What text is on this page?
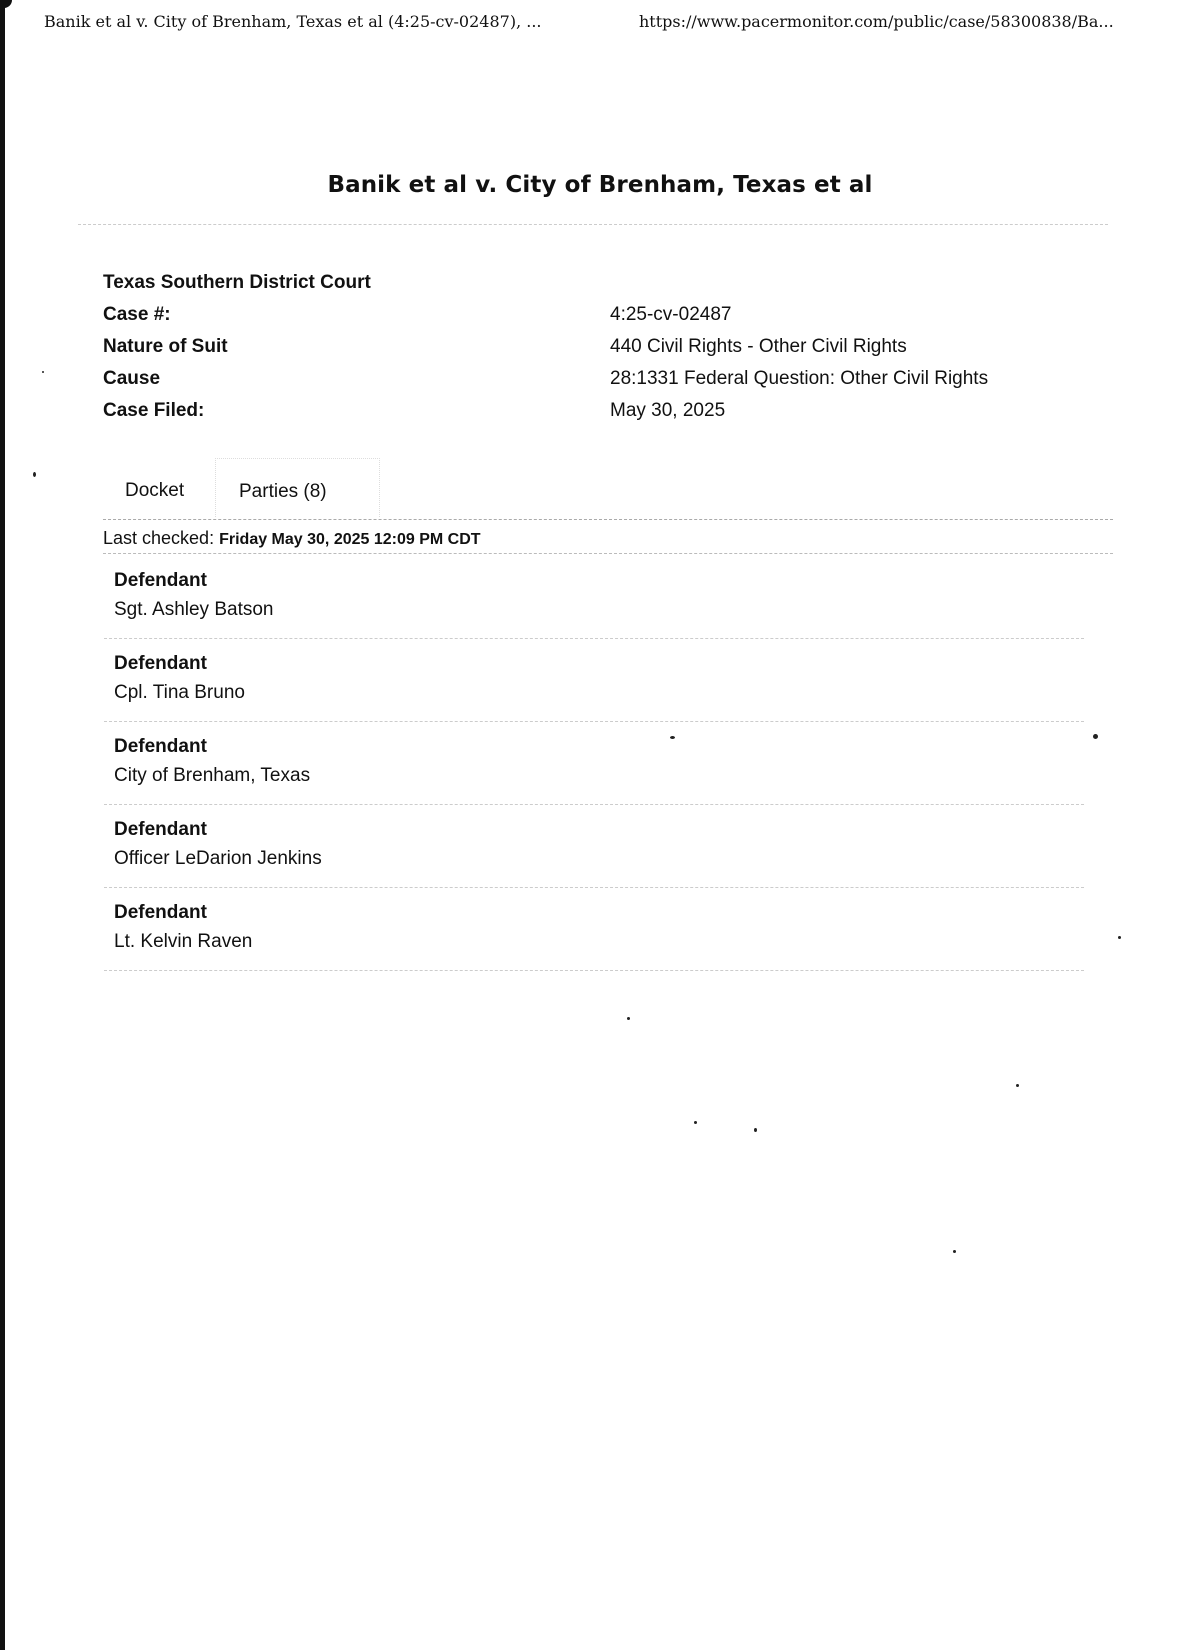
Banik et al v. City of Brenham, Texas et al (4:25-cv-02487), ...	https://www.pacermonitor.com/public/case/58300838/Ba...
Banik et al v. City of Brenham, Texas et al
Texas Southern District Court
Case #:	4:25-cv-02487
Nature of Suit	440 Civil Rights - Other Civil Rights
Cause	28:1331 Federal Question: Other Civil Rights
Case Filed:	May 30, 2025
Docket	Parties (8)
Last checked: Friday May 30, 2025 12:09 PM CDT
Defendant
Sgt. Ashley Batson
Defendant
Cpl. Tina Bruno
Defendant
City of Brenham, Texas
Defendant
Officer LeDarion Jenkins
Defendant
Lt. Kelvin Raven
